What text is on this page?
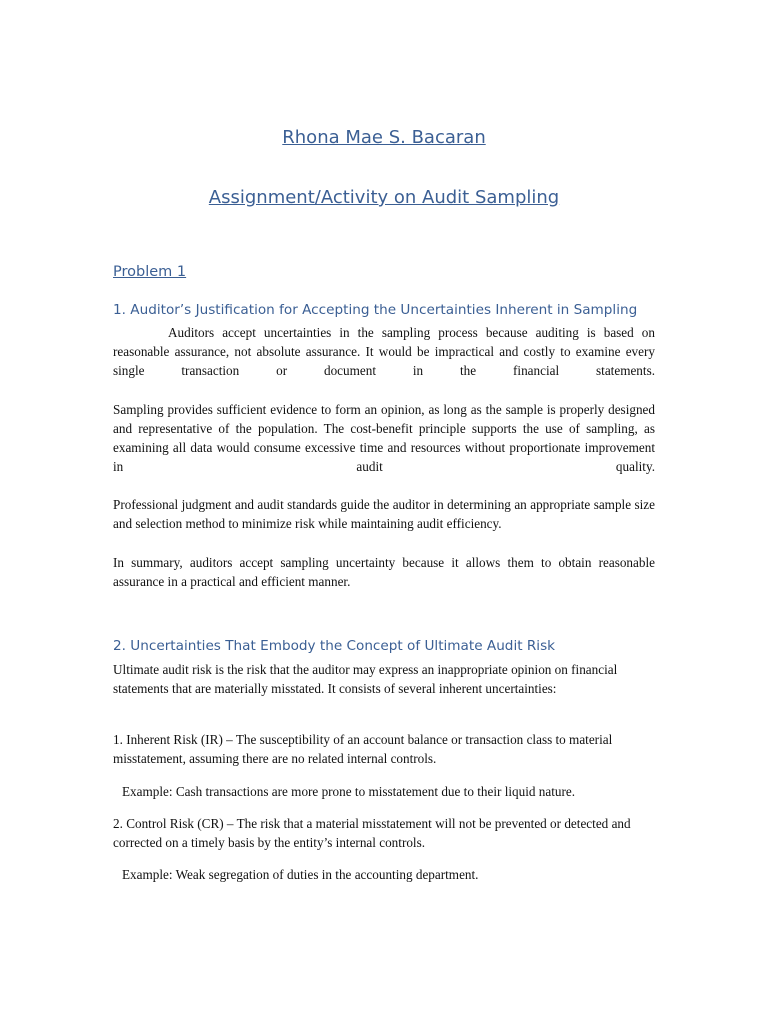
Rhona Mae S. Bacaran
Assignment/Activity on Audit Sampling
Problem 1
1. Auditor’s Justification for Accepting the Uncertainties Inherent in Sampling

Auditors accept uncertainties in the sampling process because auditing is based on reasonable assurance, not absolute assurance. It would be impractical and costly to examine every single transaction or document in the financial statements.

Sampling provides sufficient evidence to form an opinion, as long as the sample is properly designed and representative of the population. The cost-benefit principle supports the use of sampling, as examining all data would consume excessive time and resources without proportionate improvement in audit quality.

Professional judgment and audit standards guide the auditor in determining an appropriate sample size and selection method to minimize risk while maintaining audit efficiency.

In summary, auditors accept sampling uncertainty because it allows them to obtain reasonable assurance in a practical and efficient manner.

2. Uncertainties That Embody the Concept of Ultimate Audit Risk

Ultimate audit risk is the risk that the auditor may express an inappropriate opinion on financial statements that are materially misstated. It consists of several inherent uncertainties:

1. Inherent Risk (IR) – The susceptibility of an account balance or transaction class to material misstatement, assuming there are no related internal controls.

Example: Cash transactions are more prone to misstatement due to their liquid nature.

2. Control Risk (CR) – The risk that a material misstatement will not be prevented or detected and corrected on a timely basis by the entity’s internal controls.

Example: Weak segregation of duties in the accounting department.
